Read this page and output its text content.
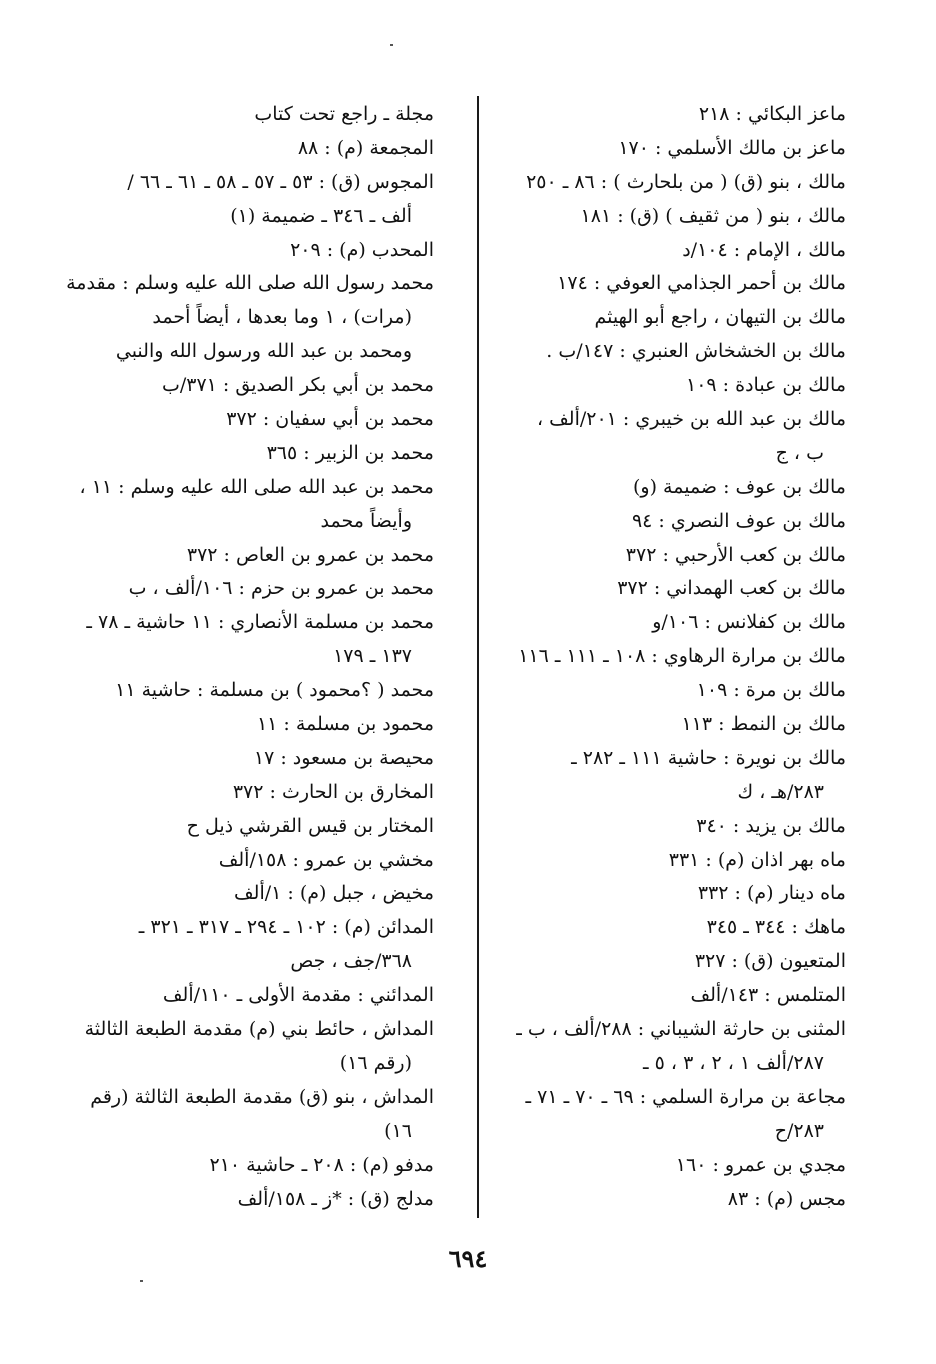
ماعز البكائي : ٢١٨
ماعز بن مالك الأسلمي : ١٧٠
مالك ، بنو (ق) ( من بلحارث ) : ٨٦ ـ ٢٥٠
مالك ، بنو ( من ثقيف ) (ق) : ١٨١
مالك ، الإمام : ١٠٤/د
مالك بن أحمر الجذامي العوفي : ١٧٤
مالك بن التيهان ، راجع أبو الهيثم
مالك بن الخشخاش العنبري : ١٤٧/ب .
مالك بن عبادة : ١٠٩
مالك بن عبد الله بن خيبري : ٢٠١/ألف ،
ب ، ج
مالك بن عوف : ضميمة (و)
مالك بن عوف النصري : ٩٤
مالك بن كعب الأرحبي : ٣٧٢
مالك بن كعب الهمداني : ٣٧٢
مالك بن كفلانس : ١٠٦/و
مالك بن مرارة الرهاوي : ١٠٨ ـ ١١١ ـ ١١٦
مالك بن مرة : ١٠٩
مالك بن النمط : ١١٣
مالك بن نويرة : حاشية ١١١ ـ ٢٨٢ ـ
٢٨٣/هـ ، ك
مالك بن يزيد : ٣٤٠
ماه بهر اذان (م) : ٣٣١
ماه دينار (م) : ٣٣٢
ماهك : ٣٤٤ ـ ٣٤٥
المتعيون (ق) : ٣٢٧
المتلمس : ١٤٣/ألف
المثنى بن حارثة الشيباني : ٢٨٨/ألف ، ب ـ
٢٨٧/ألف ١ ، ٢ ، ٣ ، ٥ ـ
مجاعة بن مرارة السلمي : ٦٩ ـ ٧٠ ـ ٧١ ـ
٢٨٣/ح
مجدي بن عمرو : ١٦٠
مجس (م) : ٨٣
مجلة ـ راجع تحت كتاب
المجمعة (م) : ٨٨
المجوس (ق) : ٥٣ ـ ٥٧ ـ ٥٨ ـ ٦١ ـ ٦٦ /
ألف ـ ٣٤٦ ـ ضميمة (١)
المحدب (م) : ٢٠٩
محمد رسول الله صلى الله عليه وسلم : مقدمة
(مرات) ، ١ وما بعدها ، أيضاً أحمد
ومحمد بن عبد الله ورسول الله والنبي
محمد بن أبي بكر الصديق : ٣٧١/ب
محمد بن أبي سفيان : ٣٧٢
محمد بن الزبير : ٣٦٥
محمد بن عبد الله صلى الله عليه وسلم : ١١ ،
وأيضاً محمد
محمد بن عمرو بن العاص : ٣٧٢
محمد بن عمرو بن حزم : ١٠٦/ألف ، ب
محمد بن مسلمة الأنصاري : ١١ حاشية ـ ٧٨ ـ
١٣٧ ـ ١٧٩
محمد ( ؟محمود ) بن مسلمة : حاشية ١١
محمود بن مسلمة : ١١
محيصة بن مسعود : ١٧
المخارق بن الحارث : ٣٧٢
المختار بن قيس القرشي ذيل ح
مخشي بن عمرو : ١٥٨/ألف
مخيض ، جبل (م) : ١/ألف
المدائن (م) : ١٠٢ ـ ٢٩٤ ـ ٣١٧ ـ ٣٢١ ـ
٣٦٨/جف ، جص
المدائني : مقدمة الأولى ـ ١١٠/ألف
المداش ، حائط بني (م) مقدمة الطبعة الثالثة
(رقم ١٦)
المداش ، بنو (ق) مقدمة الطبعة الثالثة (رقم
١٦)
مدفو (م) : ٢٠٨ ـ حاشية ٢١٠
مدلج (ق) : *ز ـ ١٥٨/ألف
٦٩٤
